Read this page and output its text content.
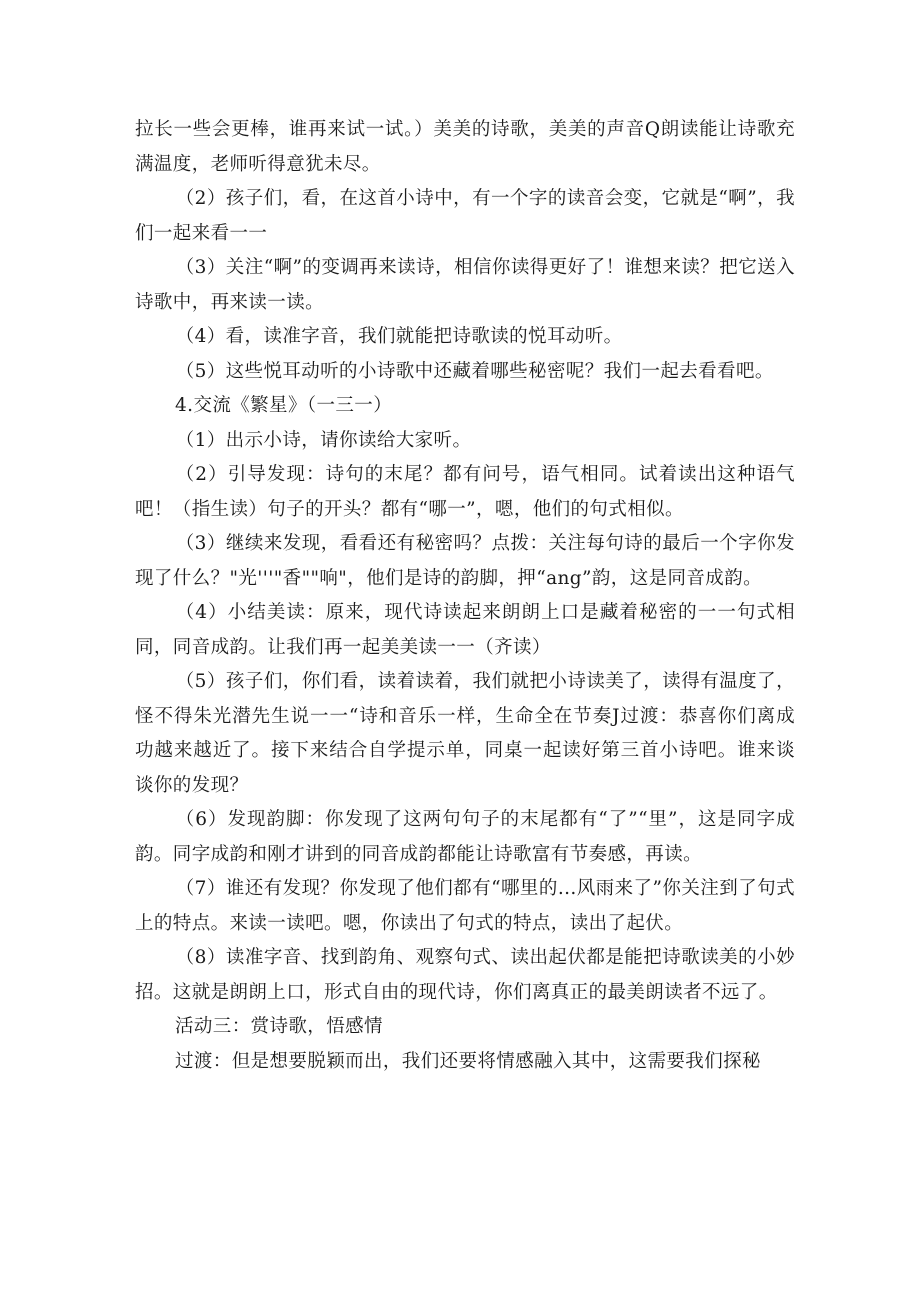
拉长一些会更棒，谁再来试一试。）美美的诗歌，美美的声音Q朗读能让诗歌充满温度，老师听得意犹未尽。

（2）孩子们，看，在这首小诗中，有一个字的读音会变，它就是“啊”，我们一起来看一一

（3）关注“啊”的变调再来读诗，相信你读得更好了！谁想来读？把它送入诗歌中，再来读一读。

（4）看，读准字音，我们就能把诗歌读的悦耳动听。

（5）这些悦耳动听的小诗歌中还藏着哪些秘密呢？我们一起去看看吧。

4.交流《繁星》（一三一）

（1）出示小诗，请你读给大家听。

（2）引导发现：诗句的末尾？都有问号，语气相同。试着读出这种语气吧！（指生读）句子的开头？都有“哪一”，嗯，他们的句式相似。

（3）继续来发现，看看还有秘密吗？点拨：关注每句诗的最后一个字你发现了什么？"光'''"香""响"，他们是诗的韵脚，押“ang”韵，这是同音成韵。

（4）小结美读：原来，现代诗读起来朗朗上口是藏着秘密的一一句式相同，同音成韵。让我们再一起美美读一一（齐读）

（5）孩子们，你们看，读着读着，我们就把小诗读美了，读得有温度了，怪不得朱光潜先生说一一“诗和音乐一样，生命全在节奏J过渡：恭喜你们离成功越来越近了。接下来结合自学提示单，同桌一起读好第三首小诗吧。谁来谈谈你的发现？

（6）发现韵脚：你发现了这两句句子的末尾都有“了”“里”，这是同字成韵。同字成韵和刚才讲到的同音成韵都能让诗歌富有节奏感，再读。

（7）谁还有发现？你发现了他们都有“哪里的...风雨来了”你关注到了句式上的特点。来读一读吧。嗯，你读出了句式的特点，读出了起伏。

（8）读准字音、找到韵角、观察句式、读出起伏都是能把诗歌读美的小妙招。这就是朗朗上口，形式自由的现代诗，你们离真正的最美朗读者不远了。

活动三：赏诗歌，悟感情

过渡：但是想要脱颖而出，我们还要将情感融入其中，这需要我们探秘
